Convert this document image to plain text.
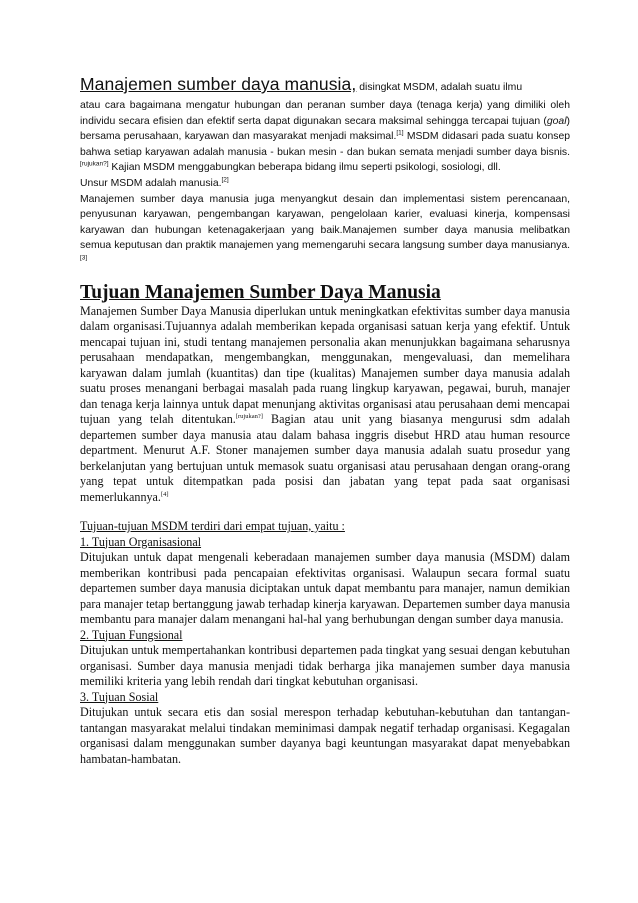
Manajemen sumber daya manusia, disingkat MSDM, adalah suatu ilmu

atau cara bagaimana mengatur hubungan dan peranan sumber daya (tenaga kerja) yang dimiliki oleh individu secara efisien dan efektif serta dapat digunakan secara maksimal sehingga tercapai tujuan (goal) bersama perusahaan, karyawan dan masyarakat menjadi maksimal.[1] MSDM didasari pada suatu konsep bahwa setiap karyawan adalah manusia - bukan mesin - dan bukan semata menjadi sumber daya bisnis.[rujukan?] Kajian MSDM menggabungkan beberapa bidang ilmu seperti psikologi, sosiologi, dll.

Unsur MSDM adalah manusia.[2]

Manajemen sumber daya manusia juga menyangkut desain dan implementasi sistem perencanaan, penyusunan karyawan, pengembangan karyawan, pengelolaan karier, evaluasi kinerja, kompensasi karyawan dan hubungan ketenagakerjaan yang baik.Manajemen sumber daya manusia melibatkan semua keputusan dan praktik manajemen yang memengaruhi secara langsung sumber daya manusianya.[3]

Tujuan Manajemen Sumber Daya Manusia

Manajemen Sumber Daya Manusia diperlukan untuk meningkatkan efektivitas sumber daya manusia dalam organisasi.Tujuannya adalah memberikan kepada organisasi satuan kerja yang efektif. Untuk mencapai tujuan ini, studi tentang manajemen personalia akan menunjukkan bagaimana seharusnya perusahaan mendapatkan, mengembangkan, menggunakan, mengevaluasi, dan memelihara karyawan dalam jumlah (kuantitas) dan tipe (kualitas) Manajemen sumber daya manusia adalah suatu proses menangani berbagai masalah pada ruang lingkup karyawan, pegawai, buruh, manajer dan tenaga kerja lainnya untuk dapat menunjang aktivitas organisasi atau perusahaan demi mencapai tujuan yang telah ditentukan.[rujukan?] Bagian atau unit yang biasanya mengurusi sdm adalah departemen sumber daya manusia atau dalam bahasa inggris disebut HRD atau human resource department. Menurut A.F. Stoner manajemen sumber daya manusia adalah suatu prosedur yang berkelanjutan yang bertujuan untuk memasok suatu organisasi atau perusahaan dengan orang-orang yang tepat untuk ditempatkan pada posisi dan jabatan yang tepat pada saat organisasi memerlukannya.[4]

Tujuan-tujuan MSDM terdiri dari empat tujuan, yaitu :

1. Tujuan Organisasional

Ditujukan untuk dapat mengenali keberadaan manajemen sumber daya manusia (MSDM) dalam memberikan kontribusi pada pencapaian efektivitas organisasi. Walaupun secara formal suatu departemen sumber daya manusia diciptakan untuk dapat membantu para manajer, namun demikian para manajer tetap bertanggung jawab terhadap kinerja karyawan. Departemen sumber daya manusia membantu para manajer dalam menangani hal-hal yang berhubungan dengan sumber daya manusia.

2. Tujuan Fungsional

Ditujukan untuk mempertahankan kontribusi departemen pada tingkat yang sesuai dengan kebutuhan organisasi. Sumber daya manusia menjadi tidak berharga jika manajemen sumber daya manusia memiliki kriteria yang lebih rendah dari tingkat kebutuhan organisasi.

3. Tujuan Sosial

Ditujukan untuk secara etis dan sosial merespon terhadap kebutuhan-kebutuhan dan tantangan-tantangan masyarakat melalui tindakan meminimasi dampak negatif terhadap organisasi. Kegagalan organisasi dalam menggunakan sumber dayanya bagi keuntungan masyarakat dapat menyebabkan hambatan-hambatan.
